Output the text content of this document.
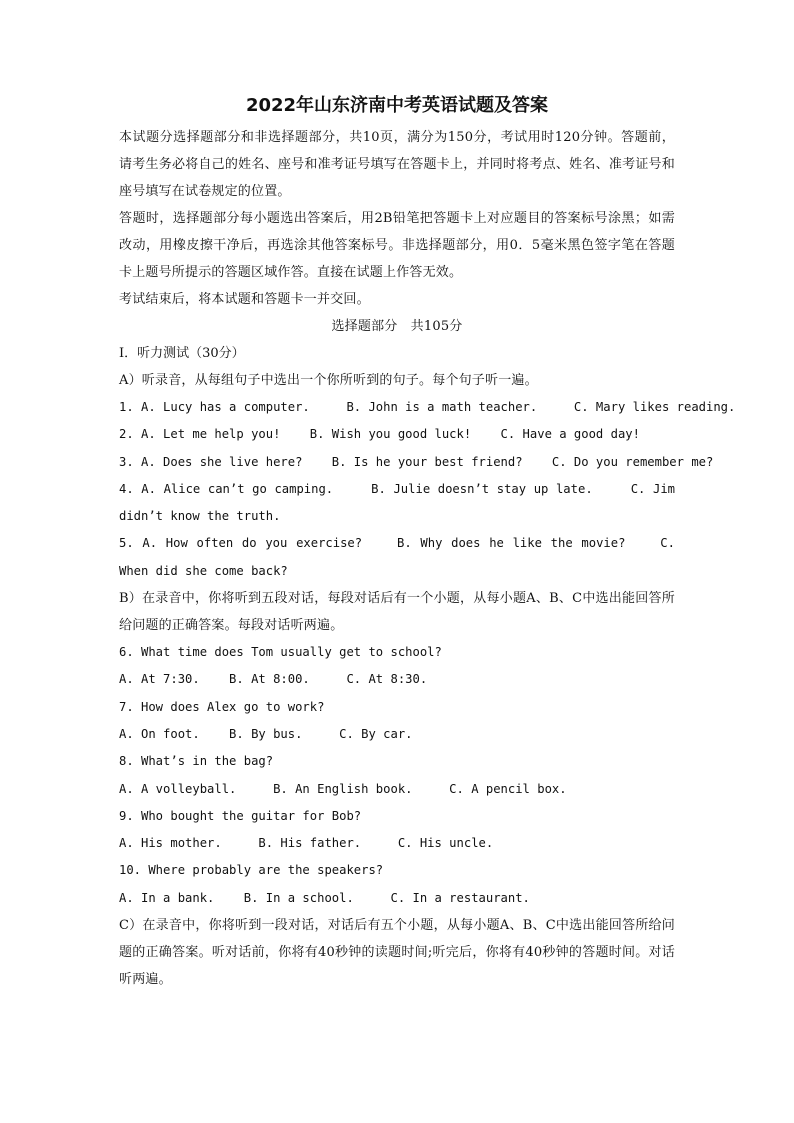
2022年山东济南中考英语试题及答案

本试题分选择题部分和非选择题部分，共10页，满分为150分，考试用时120分钟。答题前，请考生务必将自己的姓名、座号和准考证号填写在答题卡上，并同时将考点、姓名、准考证号和座号填写在试卷规定的位置。

答题时，选择题部分每小题选出答案后，用2B铅笔把答题卡上对应题目的答案标号涂黑；如需改动，用橡皮擦干净后，再选涂其他答案标号。非选择题部分，用0．5毫米黑色签字笔在答题卡上题号所提示的答题区域作答。直接在试题上作答无效。

考试结束后，将本试题和答题卡一并交回。

选择题部分　共105分

Ⅰ．听力测试（30分）

A）听录音，从每组句子中选出一个你所听到的句子。每个句子听一遍。

1. A. Lucy has a computer.     B. John is a math teacher.     C. Mary likes reading.

2. A. Let me help you!    B. Wish you good luck!    C. Have a good day!

3. A. Does she live here?    B. Is he your best friend?    C. Do you remember me?

4. A. Alice can’t go camping.     B. Julie doesn’t stay up late.     C. Jim didn’t know the truth.

5. A. How often do you exercise?    B. Why does he like the movie?    C. When did she come back?

B）在录音中，你将听到五段对话，每段对话后有一个小题，从每小题A、B、C中选出能回答所给问题的正确答案。每段对话听两遍。

6. What time does Tom usually get to school?

A. At 7:30.    B. At 8:00.     C. At 8:30.

7. How does Alex go to work?

A. On foot.    B. By bus.     C. By car.

8. What’s in the bag?

A. A volleyball.     B. An English book.     C. A pencil box.

9. Who bought the guitar for Bob?

A. His mother.     B. His father.     C. His uncle.

10. Where probably are the speakers?

A. In a bank.    B. In a school.     C. In a restaurant.

C）在录音中，你将听到一段对话，对话后有五个小题，从每小题A、B、C中选出能回答所给问题的正确答案。听对话前，你将有40秒钟的读题时间;听完后，你将有40秒钟的答题时间。对话听两遍。
